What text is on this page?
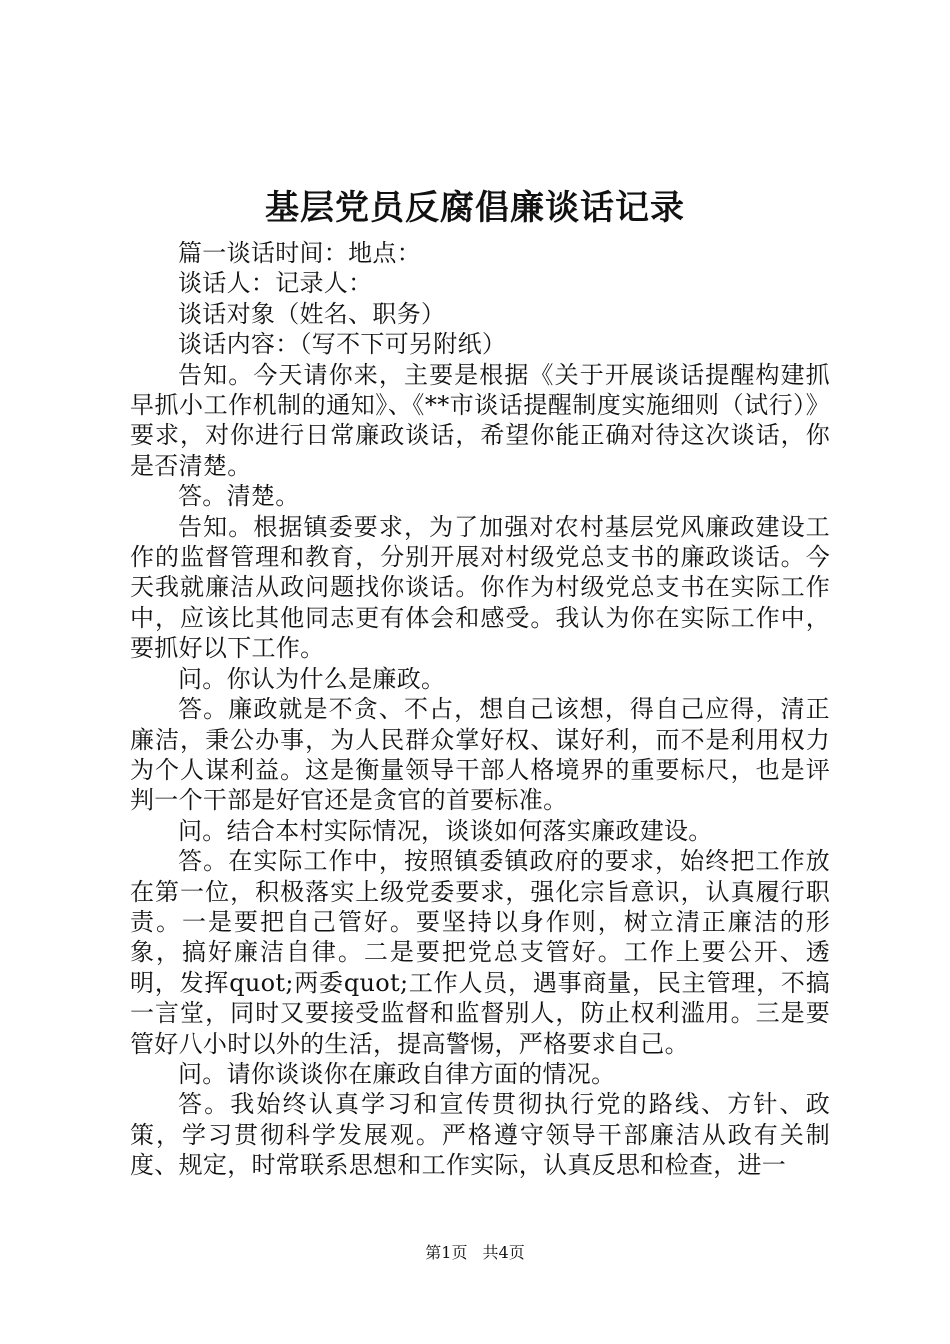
基层党员反腐倡廉谈话记录

篇一谈话时间：地点：

谈话人：记录人：

谈话对象（姓名、职务）

谈话内容：（写不下可另附纸）

告知。今天请你来，主要是根据《关于开展谈话提醒构建抓早抓小工作机制的通知》、《**市谈话提醒制度实施细则（试行）》要求，对你进行日常廉政谈话，希望你能正确对待这次谈话，你是否清楚。

答。清楚。

告知。根据镇委要求，为了加强对农村基层党风廉政建设工作的监督管理和教育，分别开展对村级党总支书的廉政谈话。今天我就廉洁从政问题找你谈话。你作为村级党总支书在实际工作中，应该比其他同志更有体会和感受。我认为你在实际工作中，要抓好以下工作。

问。你认为什么是廉政。

答。廉政就是不贪、不占，想自己该想，得自己应得，清正廉洁，秉公办事，为人民群众掌好权、谋好利，而不是利用权力为个人谋利益。这是衡量领导干部人格境界的重要标尺，也是评判一个干部是好官还是贪官的首要标准。

问。结合本村实际情况，谈谈如何落实廉政建设。

答。在实际工作中，按照镇委镇政府的要求，始终把工作放在第一位，积极落实上级党委要求，强化宗旨意识，认真履行职责。一是要把自己管好。要坚持以身作则，树立清正廉洁的形象，搞好廉洁自律。二是要把党总支管好。工作上要公开、透明，发挥quot;两委quot;工作人员，遇事商量，民主管理，不搞一言堂，同时又要接受监督和监督别人，防止权利滥用。三是要管好八小时以外的生活，提高警惕，严格要求自己。

问。请你谈谈你在廉政自律方面的情况。

答。我始终认真学习和宣传贯彻执行党的路线、方针、政策，学习贯彻科学发展观。严格遵守领导干部廉洁从政有关制度、规定，时常联系思想和工作实际，认真反思和检查，进一

第1页 共4页
